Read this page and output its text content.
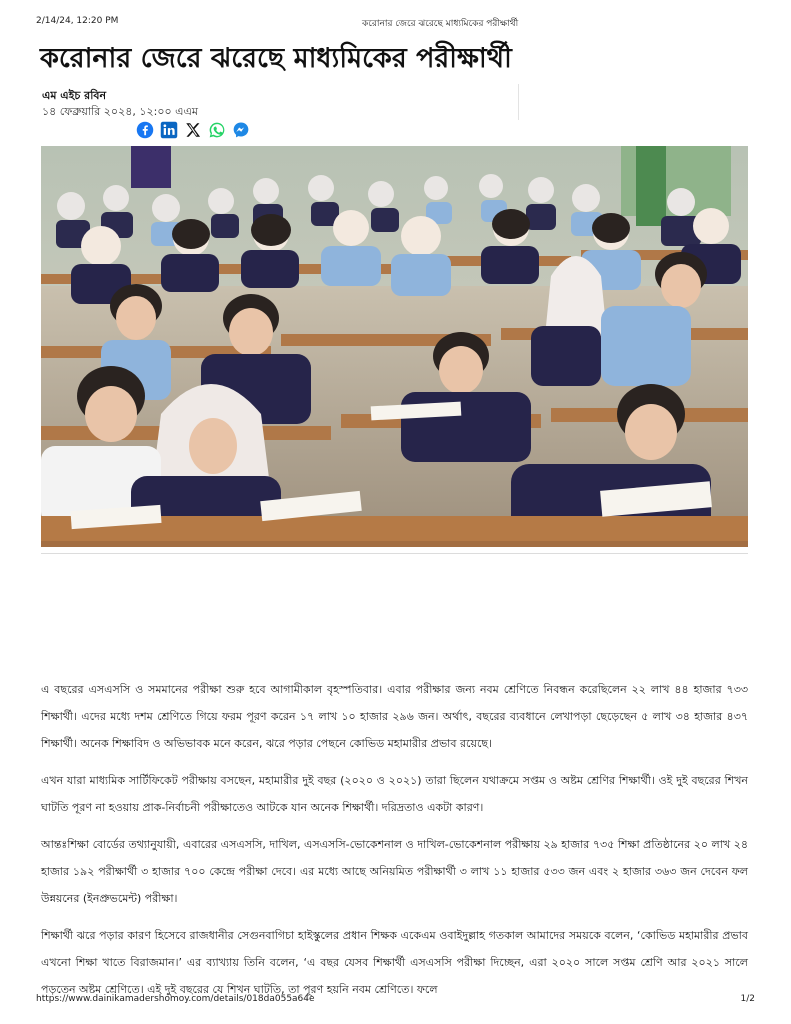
2/14/24, 12:20 PM	করোনার জেরে ঝরেছে মাধ্যমিকের পরীক্ষার্থী
করোনার জেরে ঝরেছে মাধ্যমিকের পরীক্ষার্থী
এম এইচ রবিন
১৪ ফেব্রুয়ারি ২০২৪, ১২:০০ এএম

এ বছরের এসএসসি ও সমমানের পরীক্ষা শুরু হবে আগামীকাল বৃহস্পতিবার। এবার পরীক্ষার জন্য নবম শ্রেণিতে নিবন্ধন করেছিলেন ২২ লাখ ৪৪ হাজার ৭৩৩ শিক্ষার্থী। এদের মধ্যে দশম শ্রেণিতে গিয়ে ফরম পূরণ করেন ১৭ লাখ ১০ হাজার ২৯৬ জন। অর্থাৎ, বছরের ব্যবধানে লেখাপড়া ছেড়েছেন ৫ লাখ ৩৪ হাজার ৪৩৭ শিক্ষার্থী। অনেক শিক্ষাবিদ ও অভিভাবক মনে করেন, ঝরে পড়ার পেছনে কোভিড মহামারীর প্রভাব রয়েছে।

এখন যারা মাধ্যমিক সার্টিফিকেট পরীক্ষায় বসছেন, মহামারীর দুই বছর (২০২০ ও ২০২১) তারা ছিলেন যথাক্রমে সপ্তম ও অষ্টম শ্রেণির শিক্ষার্থী। ওই দুই বছরের শিখন ঘাটতি পূরণ না হওয়ায় প্রাক-নির্বাচনী পরীক্ষাতেও আটকে যান অনেক শিক্ষার্থী। দরিদ্রতাও একটা কারণ।

আন্তঃশিক্ষা বোর্ডের তথ্যানুযায়ী, এবারের এসএসসি, দাখিল, এসএসসি-ভোকেশনাল ও দাখিল-ভোকেশনাল পরীক্ষায় ২৯ হাজার ৭৩৫ শিক্ষা প্রতিষ্ঠানের ২০ লাখ ২৪ হাজার ১৯২ পরীক্ষার্থী ৩ হাজার ৭০০ কেন্দ্রে পরীক্ষা দেবে। এর মধ্যে আছে অনিয়মিত পরীক্ষার্থী ৩ লাখ ১১ হাজার ৫৩৩ জন এবং ২ হাজার ৩৬৩ জন দেবেন ফল উন্নয়নের (ইনপ্রুভমেন্ট) পরীক্ষা।

শিক্ষার্থী ঝরে পড়ার কারণ হিসেবে রাজধানীর সেগুনবাগিচা হাইস্কুলের প্রধান শিক্ষক একেএম ওবাইদুল্লাহ গতকাল আমাদের সময়কে বলেন, ‘কোভিড মহামারীর প্রভাব এখনো শিক্ষা খাতে বিরাজমান।’ এর ব্যাখ্যায় তিনি বলেন, ‘এ বছর যেসব শিক্ষার্থী এসএসসি পরীক্ষা দিচ্ছেন, এরা ২০২০ সালে সপ্তম শ্রেণি আর ২০২১ সালে পড়তেন অষ্টম শ্রেণিতে। এই দুই বছরের যে শিখন ঘাটতি, তা পূরণ হয়নি নবম শ্রেণিতে। ফলে

https://www.dainikamadershomoy.com/details/018da055a64e	1/2
